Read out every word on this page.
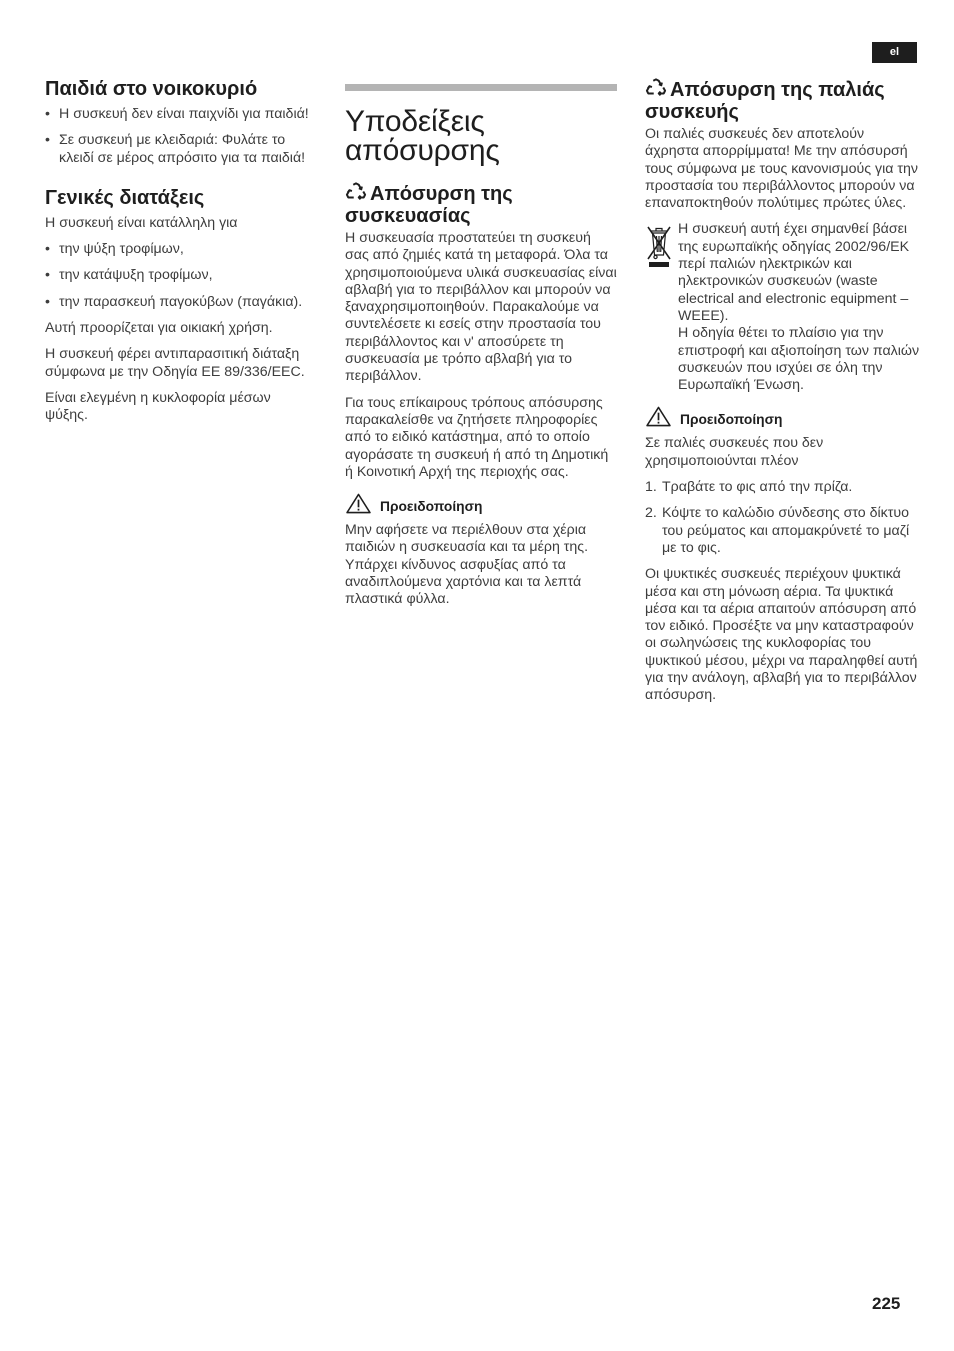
el
Παιδιά στο νοικοκυριό
• Η συσκευή δεν είναι παιχνίδι για παιδιά!
• Σε συσκευή με κλειδαριά: Φυλάτε το κλειδί σε μέρος απρόσιτο για τα παιδιά!
Γενικές διατάξεις

Η συσκευή είναι κατάλληλη για

• την ψύξη τροφίμων,
• την κατάψυξη τροφίμων,
• την παρασκευή παγοκύβων (παγάκια).

Αυτή προορίζεται για οικιακή χρήση.

Η συσκευή φέρει αντιπαρασιτική διάταξη σύμφωνα με την Οδηγία ΕΕ 89/336/EEC.

Είναι ελεγμένη η κυκλοφορία μέσων ψύξης.

Υποδείξεις απόσυρσης
Απόσυρση της συσκευασίας

Η συσκευασία προστατεύει τη συσκευή σας από ζημιές κατά τη μεταφορά. Όλα τα χρησιμοποιούμενα υλικά συσκευασίας είναι αβλαβή για το περιβάλλον και μπορούν να ξαναχρησιμοποιηθούν. Παρακαλούμε να συντελέσετε κι εσείς στην προστασία του περιβάλλοντος και ν' αποσύρετε τη συσκευασία με τρόπο αβλαβή για το περιβάλλον.

Για τους επίκαιρους τρόπους απόσυρσης παρακαλείσθε να ζητήσετε πληροφορίες από το ειδικό κατάστημα, από το οποίο αγοράσατε τη συσκευή ή από τη Δημοτική ή Κοινοτική Αρχή της περιοχής σας.

Προειδοποίηση

Μην αφήσετε να περιέλθουν στα χέρια παιδιών η συσκευασία και τα μέρη της. Υπάρχει κίνδυνος ασφυξίας από τα αναδιπλούμενα χαρτόνια και τα λεπτά πλαστικά φύλλα.

Απόσυρση της παλιάς συσκευής

Οι παλιές συσκευές δεν αποτελούν άχρηστα απορρίμματα! Με την απόσυρσή τους σύμφωνα με τους κανονισμούς για την προστασία του περιβάλλοντος μπορούν να επαναποκτηθούν πολύτιμες πρώτες ύλες.

Η συσκευή αυτή έχει σημανθεί βάσει της ευρωπαϊκής οδηγίας 2002/96/ΕΚ περί παλιών ηλεκτρικών και ηλεκτρονικών συσκευών (waste electrical and electronic equipment – WEEE).

Η οδηγία θέτει το πλαίσιο για την επιστροφή και αξιοποίηση των παλιών συσκευών που ισχύει σε όλη την Ευρωπαϊκή Ένωση.

Προειδοποίηση

Σε παλιές συσκευές που δεν χρησιμοποιούνται πλέον

1. Τραβάτε το φις από την πρίζα.
2. Κόψτε το καλώδιο σύνδεσης στο δίκτυο του ρεύματος και απομακρύνετέ το μαζί με το φις.

Οι ψυκτικές συσκευές περιέχουν ψυκτικά μέσα και στη μόνωση αέρια. Τα ψυκτικά μέσα και τα αέρια απαιτούν απόσυρση από τον ειδικό. Προσέξτε να μην καταστραφούν οι σωληνώσεις της κυκλοφορίας του ψυκτικού μέσου, μέχρι να παραληφθεί αυτή για την ανάλογη, αβλαβή για το περιβάλλον απόσυρση.

225
